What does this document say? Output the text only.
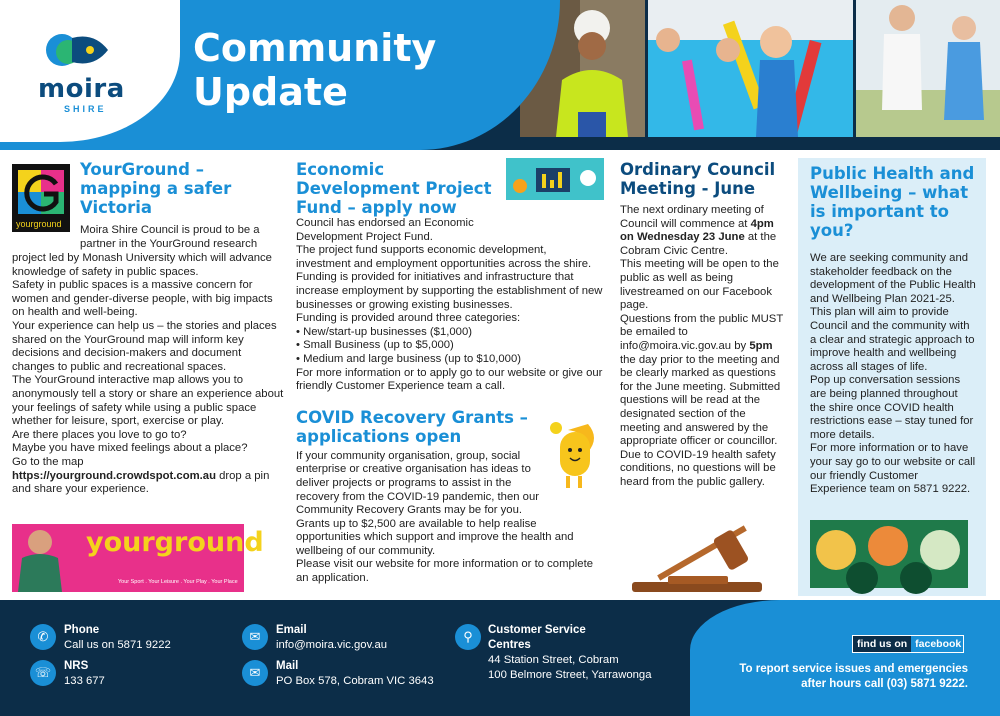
moira
SHIRE
Community
Update
yourground
YourGround – mapping a safer Victoria

Moira Shire Council is proud to be a partner in the YourGround research

project led by Monash University which will advance knowledge of safety in public spaces.

Safety in public spaces is a massive concern for women and gender-diverse people, with big impacts on health and well-being.

Your experience can help us – the stories and places shared on the YourGround map will inform key decisions and decision-makers and document changes to public and recreational spaces.

The YourGround interactive map allows you to anonymously tell a story or share an experience about your feelings of safety while using a public space whether for leisure, sport, exercise or play.

Are there places you love to go to?

Maybe you have mixed feelings about a place?

Go to the map https://yourground.crowdspot.com.au drop a pin and share your experience.

yourground
Your Sport . Your Leisure . Your Play . Your Place
Economic Development Project Fund – apply now

Council has endorsed an Economic Development Project Fund.

The project fund supports economic development, investment and employment opportunities across the shire.

Funding is provided for initiatives and infrastructure that increase employment by supporting the establishment of new businesses or growing existing businesses.

Funding is provided around three categories:

• New/start-up businesses ($1,000)

• Small Business (up to $5,000)

• Medium and large business (up to $10,000)

For more information or to apply go to our website or give our friendly Customer Experience team a call.

COVID Recovery Grants – applications open

If your community organisation, group, social enterprise or creative organisation has ideas to deliver projects or programs to assist in the recovery from the COVID-19 pandemic, then our Community Recovery Grants may be for you.

Grants up to $2,500 are available to help realise opportunities which support and improve the health and wellbeing of our community.

Please visit our website for more information or to complete an application.

Ordinary Council Meeting - June

The next ordinary meeting of Council will commence at 4pm on Wednesday 23 June at the Cobram Civic Centre.

This meeting will be open to the public as well as being livestreamed on our Facebook page.

Questions from the public MUST be emailed to info@moira.vic.gov.au by 5pm the day prior to the meeting and be clearly marked as questions for the June meeting. Submitted questions will be read at the designated section of the meeting and answered by the appropriate officer or councillor.

Due to COVID-19 health safety conditions, no questions will be heard from the public gallery.

Public Health and Wellbeing – what is important to you?

We are seeking community and stakeholder feedback on the development of the Public Health and Wellbeing Plan 2021-25.

This plan will aim to provide Council and the community with a clear and strategic approach to improve health and wellbeing across all stages of life.

Pop up conversation sessions are being planned throughout the shire once COVID health restrictions ease – stay tuned for more details.

For more information or to have your say go to our website or call our friendly Customer Experience team on 5871 9222.

✆	Phone
Call us on 5871 9222
☏	NRS
133 677
✉	Email
info@moira.vic.gov.au
✉	Mail
PO Box 578, Cobram VIC 3643
⚲	Customer Service
Centres
44 Station Street, Cobram
100 Belmore Street, Yarrawonga
find us on facebook
To report service issues and emergencies
after hours call (03) 5871 9222.
